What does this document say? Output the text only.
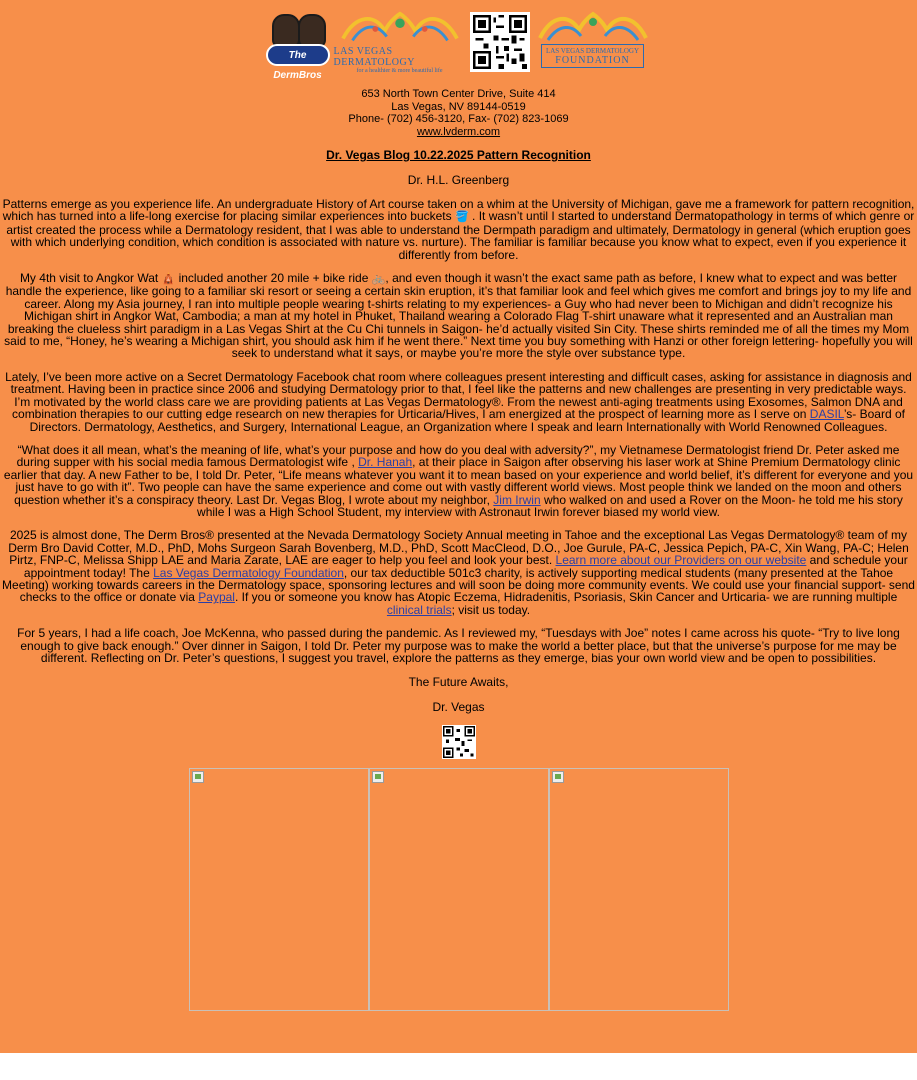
The DermBros
LAS VEGAS DERMATOLOGY
for a healthier & more beautiful life
LAS VEGAS DERMATOLOGY
FOUNDATION
653 North Town Center Drive, Suite 414
Las Vegas, NV 89144-0519
Phone- (702) 456-3120, Fax- (702) 823-1069
www.lvderm.com
Dr. Vegas Blog 10.22.2025 Pattern Recognition
Dr. H.L. Greenberg

Patterns emerge as you experience life. An undergraduate History of Art course taken on a whim at the University of Michigan, gave me a framework for pattern recognition, which has turned into a life-long exercise for placing similar experiences into buckets 🪣 . It wasn’t until I started to understand Dermatopathology in terms of which genre or artist created the process while a Dermatology resident, that I was able to understand the Dermpath paradigm and ultimately, Dermatology in general (which eruption goes with which underlying condition, which condition is associated with nature vs. nurture). The familiar is familiar because you know what to expect, even if you experience it differently from before.

My 4th visit to Angkor Wat 🛕 included another 20 mile + bike ride 🚲, and even though it wasn’t the exact same path as before, I knew what to expect and was better handle the experience, like going to a familiar ski resort or seeing a certain skin eruption, it’s that familiar look and feel which gives me comfort and brings joy to my life and career. Along my Asia journey, I ran into multiple people wearing t-shirts relating to my experiences- a Guy who had never been to Michigan and didn’t recognize his Michigan shirt in Angkor Wat, Cambodia; a man at my hotel in Phuket, Thailand wearing a Colorado Flag T-shirt unaware what it represented and an Australian man breaking the clueless shirt paradigm in a Las Vegas Shirt at the Cu Chi tunnels in Saigon- he’d actually visited Sin City. These shirts reminded me of all the times my Mom said to me, “Honey, he’s wearing a Michigan shirt, you should ask him if he went there.” Next time you buy something with Hanzi or other foreign lettering- hopefully you will seek to understand what it says, or maybe you’re more the style over substance type.

Lately, I’ve been more active on a Secret Dermatology Facebook chat room where colleagues present interesting and difficult cases, asking for assistance in diagnosis and treatment. Having been in practice since 2006 and studying Dermatology prior to that, I feel like the patterns and new challenges are presenting in very predictable ways. I’m motivated by the world class care we are providing patients at Las Vegas Dermatology®. From the newest anti-aging treatments using Exosomes, Salmon DNA and combination therapies to our cutting edge research on new therapies for Urticaria/Hives, I am energized at the prospect of learning more as I serve on DASIL’s- Board of Directors. Dermatology, Aesthetics, and Surgery, International League, an Organization where I speak and learn Internationally with World Renowned Colleagues.

“What does it all mean, what’s the meaning of life, what’s your purpose and how do you deal with adversity?”, my Vietnamese Dermatologist friend Dr. Peter asked me during supper with his social media famous Dermatologist wife , Dr. Hanah, at their place in Saigon after observing his laser work at Shine Premium Dermatology clinic earlier that day. A new Father to be, I told Dr. Peter, “Life means whatever you want it to mean based on your experience and world belief, it’s different for everyone and you just have to go with it”. Two people can have the same experience and come out with vastly different world views. Most people think we landed on the moon and others question whether it’s a conspiracy theory. Last Dr. Vegas Blog, I wrote about my neighbor, Jim Irwin who walked on and used a Rover on the Moon- he told me his story while I was a High School Student, my interview with Astronaut Irwin forever biased my world view.

2025 is almost done, The Derm Bros® presented at the Nevada Dermatology Society Annual meeting in Tahoe and the exceptional Las Vegas Dermatology® team of my Derm Bro David Cotter, M.D., PhD, Mohs Surgeon Sarah Bovenberg, M.D., PhD, Scott MacCleod, D.O., Joe Gurule, PA-C, Jessica Pepich, PA-C, Xin Wang, PA-C; Helen Pirtz, FNP-C, Melissa Shipp LAE and Maria Zarate, LAE are eager to help you feel and look your best. Learn more about our Providers on our website and schedule your appointment today! The Las Vegas Dermatology Foundation, our tax deductible 501c3 charity, is actively supporting medical students (many presented at the Tahoe Meeting) working towards careers in the Dermatology space, sponsoring lectures and will soon be doing more community events. We could use your financial support- send checks to the office or donate via Paypal. If you or someone you know has Atopic Eczema, Hidradenitis, Psoriasis, Skin Cancer and Urticaria- we are running multiple clinical trials; visit us today.

For 5 years, I had a life coach, Joe McKenna, who passed during the pandemic. As I reviewed my, “Tuesdays with Joe” notes I came across his quote- “Try to live long enough to give back enough.” Over dinner in Saigon, I told Dr. Peter my purpose was to make the world a better place, but that the universe’s purpose for me may be different. Reflecting on Dr. Peter’s questions, I suggest you travel, explore the patterns as they emerge, bias your own world view and be open to possibilities.

The Future Awaits,
Dr. Vegas
